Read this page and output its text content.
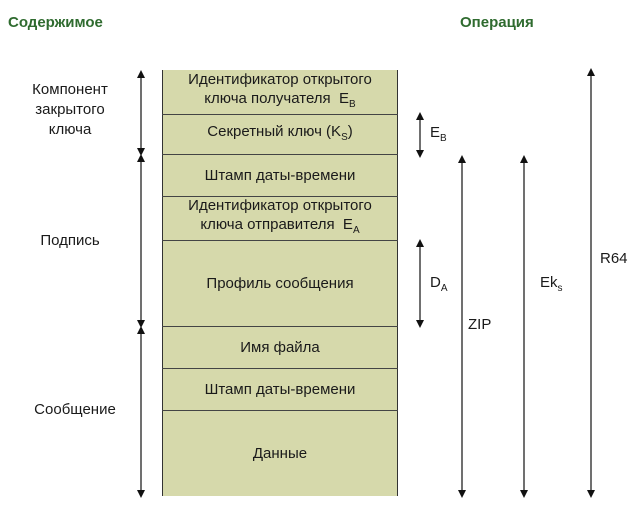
Содержимое	Операция
Компонент
закрытого
ключа
Подпись
Сообщение
Идентификатор открытого
ключа получателя $E_B$
Секретный ключ $(K_S)$
Штамп даты-времени
Идентификатор открытого
ключа отправителя $E_A$
Профиль сообщения
Имя файла
Штамп даты-времени
Данные
$E_B$
$D_A$
ZIP
$Ek_s$
R64
